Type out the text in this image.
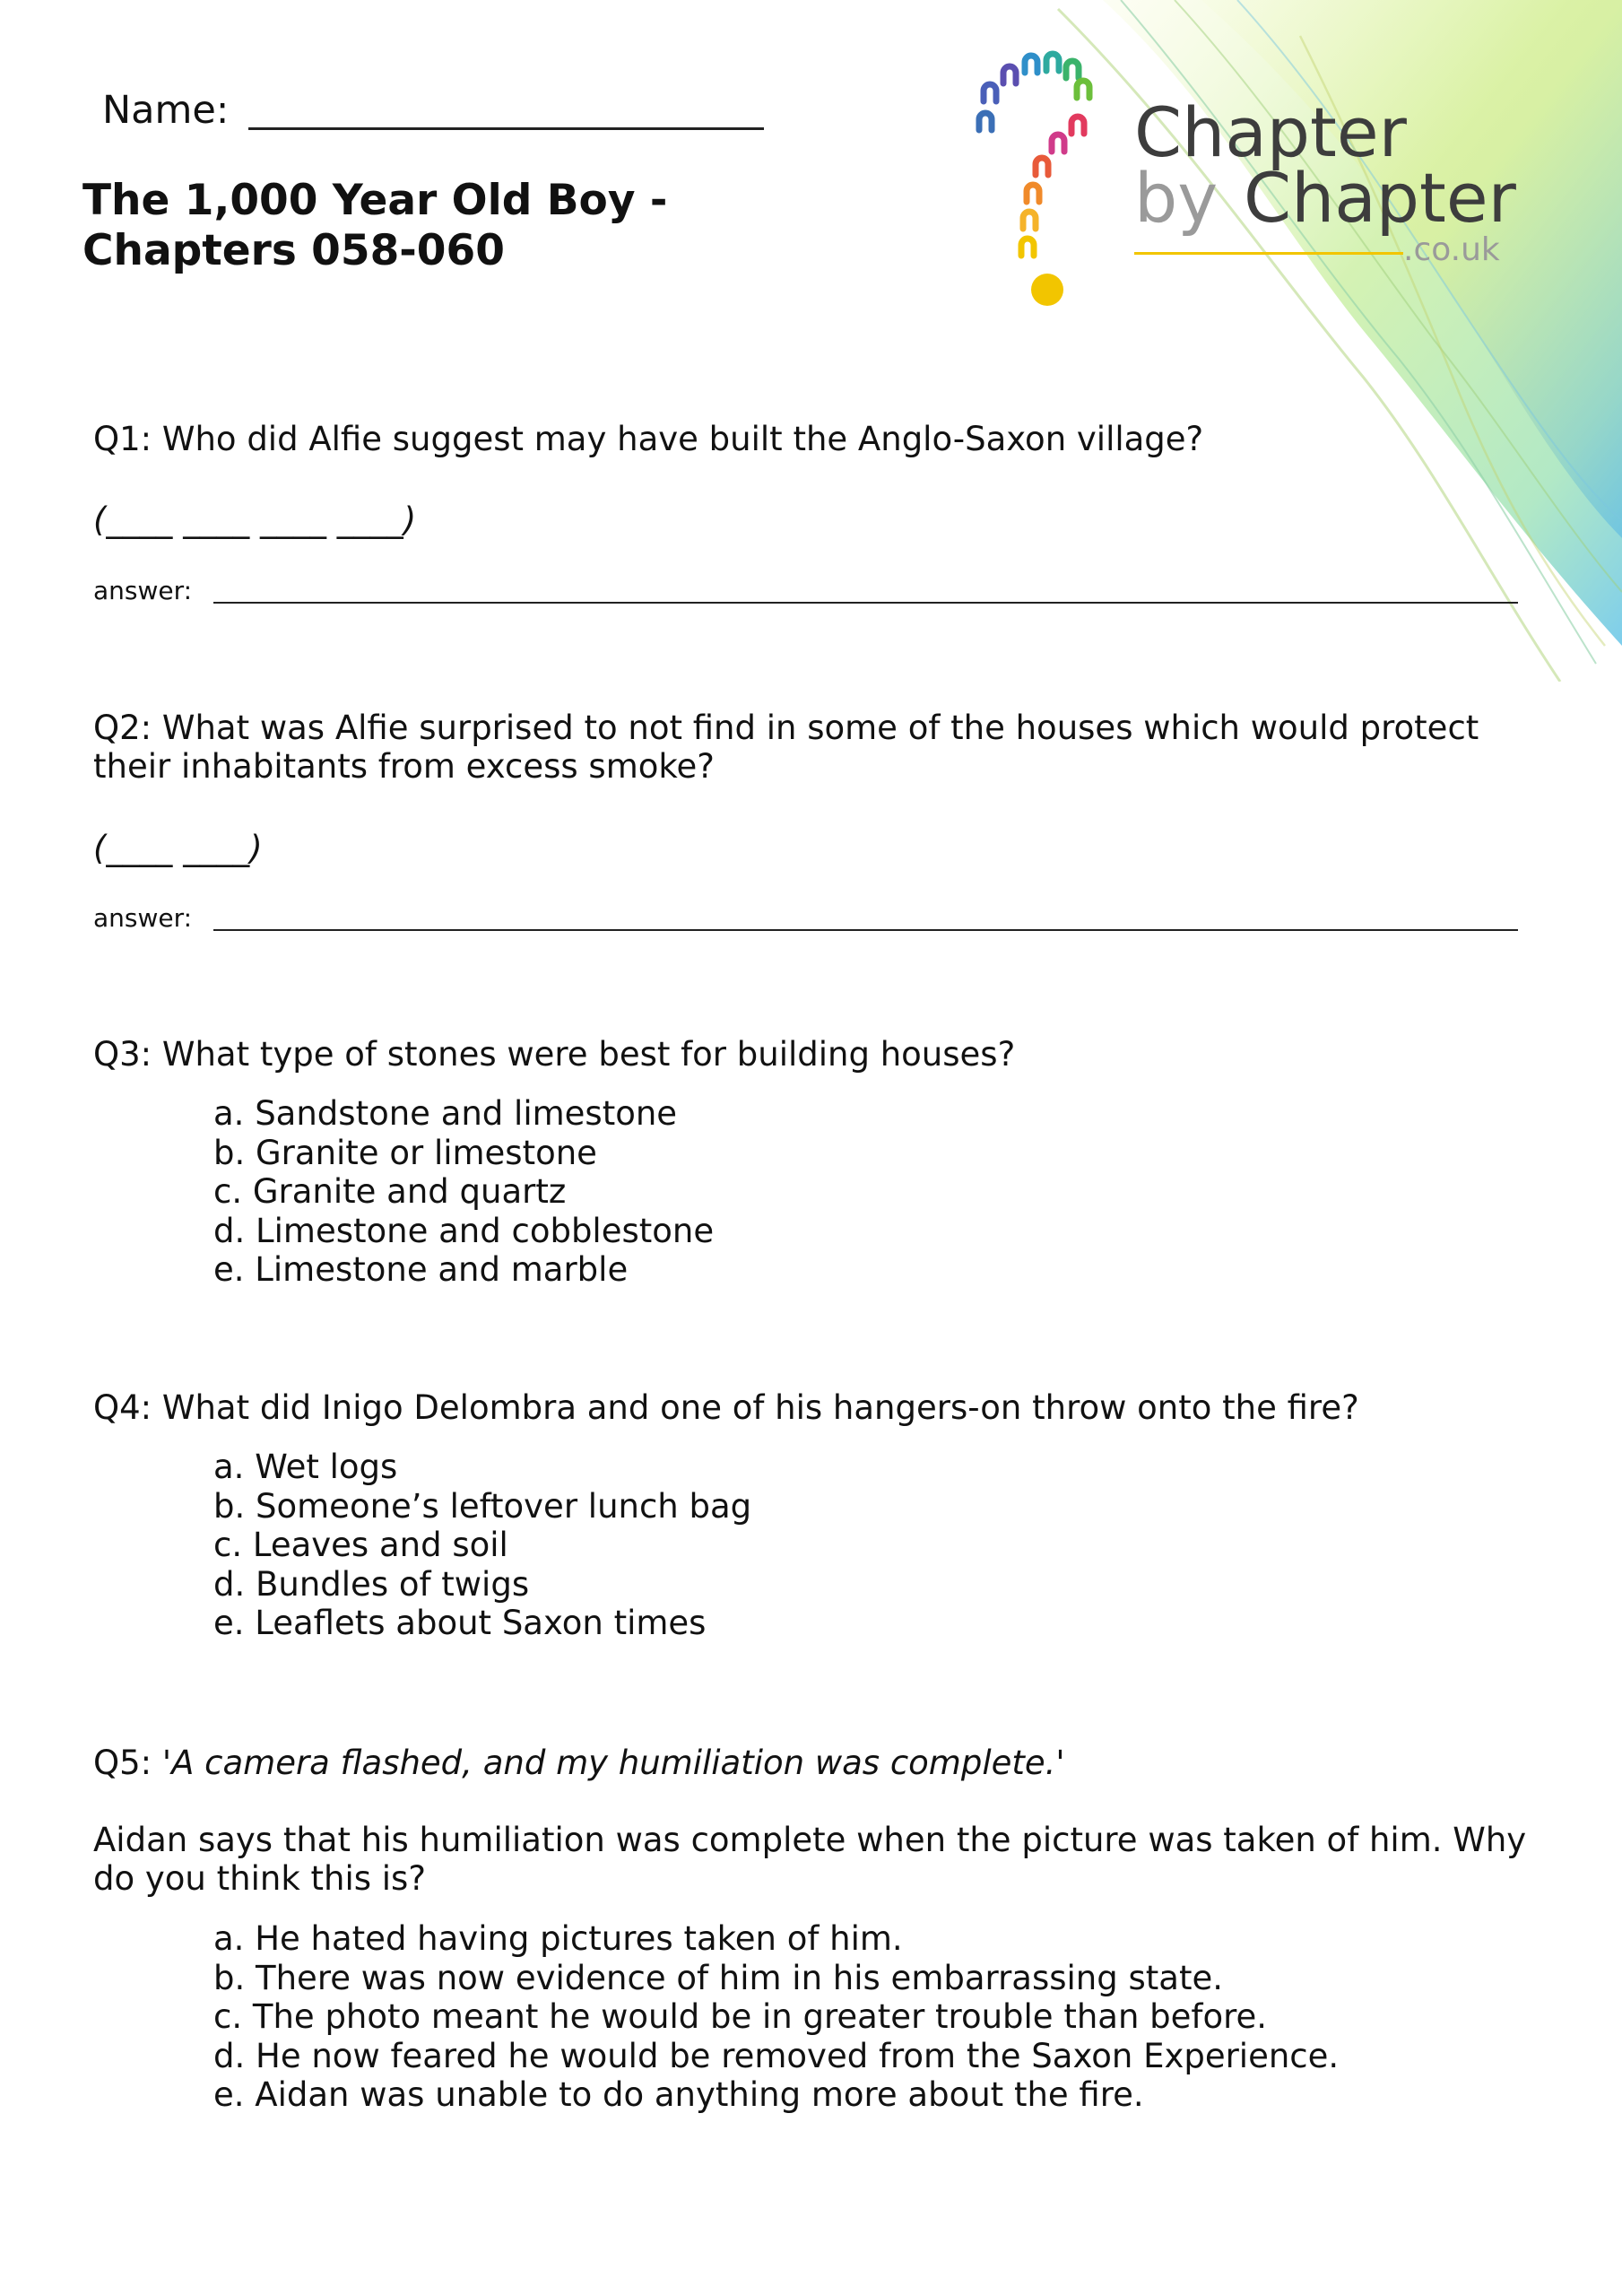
Name:
The 1,000 Year Old Boy -
Chapters 058-060
Chapter
by Chapter
.co.uk
Q1: Who did Alfie suggest may have built the Anglo-Saxon village?
(____ ____ ____ ____)
answer:
Q2: What was Alfie surprised to not find in some of the houses which would protect their inhabitants from excess smoke?
(____ ____)
answer:
Q3: What type of stones were best for building houses?
a. Sandstone and limestone
b. Granite or limestone
c. Granite and quartz
d. Limestone and cobblestone
e. Limestone and marble
Q4: What did Inigo Delombra and one of his hangers-on throw onto the fire?
a. Wet logs
b. Someone’s leftover lunch bag
c. Leaves and soil
d. Bundles of twigs
e. Leaflets about Saxon times
Q5: 'A camera flashed, and my humiliation was complete.'
Aidan says that his humiliation was complete when the picture was taken of him. Why do you think this is?
a. He hated having pictures taken of him.
b. There was now evidence of him in his embarrassing state.
c. The photo meant he would be in greater trouble than before.
d. He now feared he would be removed from the Saxon Experience.
e. Aidan was unable to do anything more about the fire.
